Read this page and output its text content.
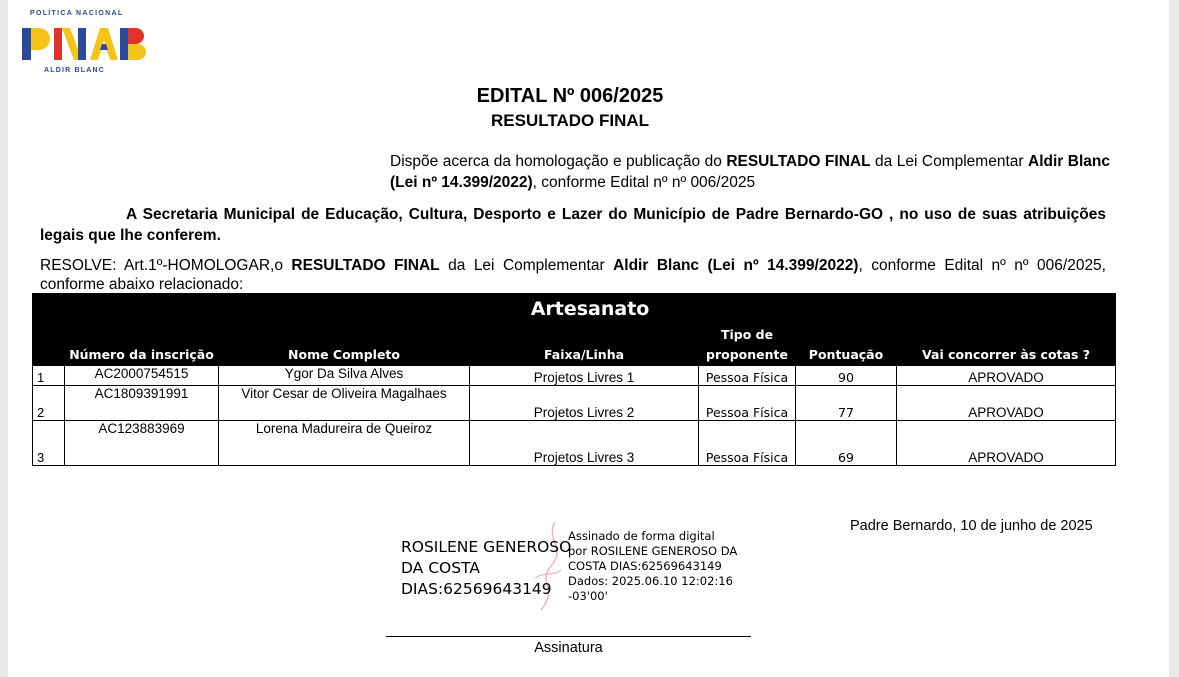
POLÍTICA NACIONAL
ALDIR BLANC
EDITAL Nº 006/2025
RESULTADO FINAL
Dispõe acerca da homologação e publicação do RESULTADO FINAL da Lei Complementar Aldir Blanc (Lei nº 14.399/2022), conforme Edital nº nº 006/2025
A Secretaria Municipal de Educação, Cultura, Desporto e Lazer do Município de Padre Bernardo-GO , no uso de suas atribuições legais que lhe conferem.
RESOLVE: Art.1º-HOMOLOGAR,o RESULTADO FINAL da Lei Complementar Aldir Blanc (Lei nº 14.399/2022), conforme Edital nº nº 006/2025, conforme abaixo relacionado:
	Artesanato					
	Número da inscrição	Nome Completo	Faixa/Linha	Tipo de proponente	Pontuação	Vai concorrer às cotas ?
1	AC2000754515	Ygor Da Silva Alves	Projetos Livres 1	Pessoa Física	90	APROVADO
2	AC1809391991	Vitor Cesar de Oliveira Magalhaes	Projetos Livres 2	Pessoa Física	77	APROVADO
3	AC123883969	Lorena Madureira de Queiroz	Projetos Livres 3	Pessoa Física	69	APROVADO
Padre Bernardo, 10 de junho de 2025
ROSILENE GENEROSO
DA COSTA
DIAS:62569643149
Assinado de forma digital
por ROSILENE GENEROSO DA
COSTA DIAS:62569643149
Dados: 2025.06.10 12:02:16
-03'00'
Assinatura
